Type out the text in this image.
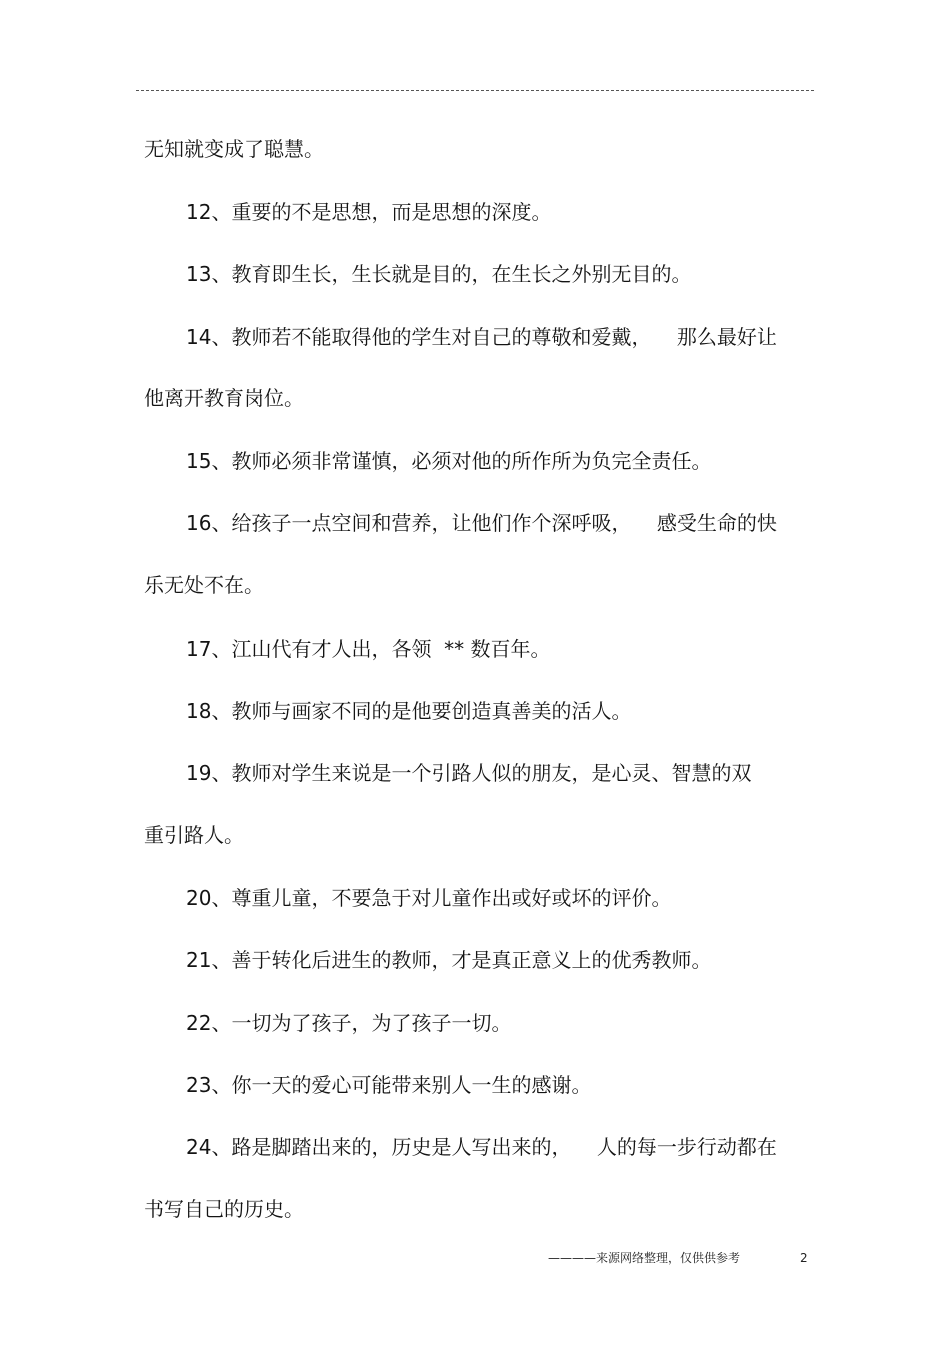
无知就变成了聪慧。
12、重要的不是思想，而是思想的深度。
13、教育即生长，生长就是目的，在生长之外别无目的。
14、教师若不能取得他的学生对自己的尊敬和爱戴，    那么最好让
他离开教育岗位。
15、教师必须非常谨慎，必须对他的所作所为负完全责任。
16、给孩子一点空间和营养，让他们作个深呼吸，    感受生命的快
乐无处不在。
17、江山代有才人出，各领  ** 数百年。
18、教师与画家不同的是他要创造真善美的活人。
19、教师对学生来说是一个引路人似的朋友，是心灵、智慧的双
重引路人。
20、尊重儿童，不要急于对儿童作出或好或坏的评价。
21、善于转化后进生的教师，才是真正意义上的优秀教师。
22、一切为了孩子，为了孩子一切。
23、你一天的爱心可能带来别人一生的感谢。
24、路是脚踏出来的，历史是人写出来的，    人的每一步行动都在
书写自己的历史。
————来源网络整理，仅供供参考	2
